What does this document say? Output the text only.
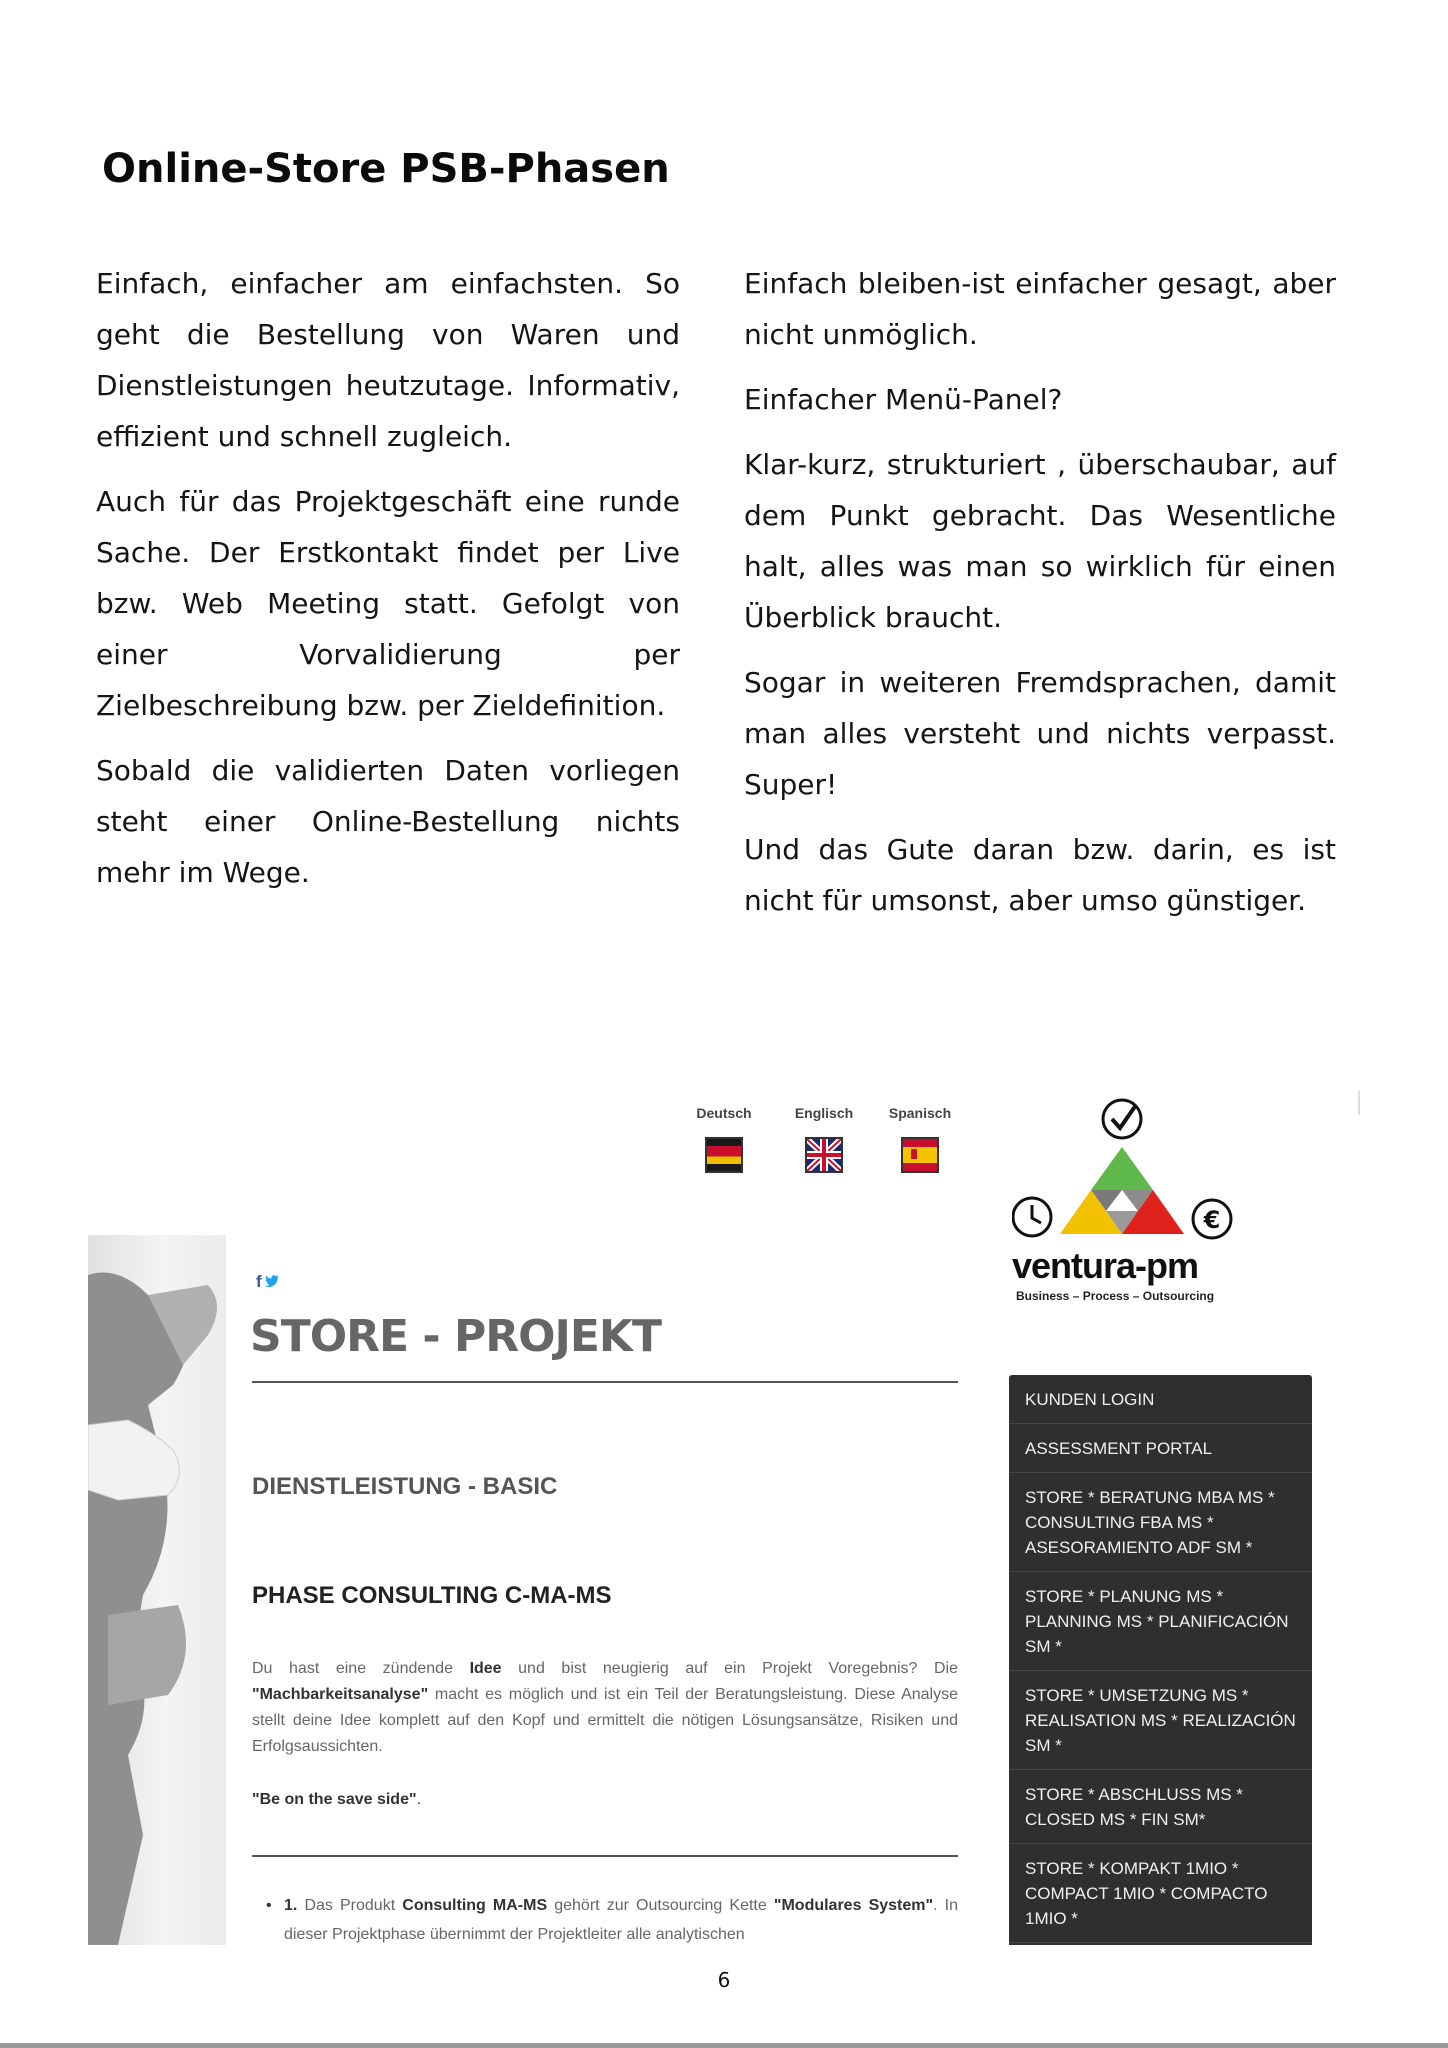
Online-Store PSB-Phasen

Einfach, einfacher am einfachsten. So geht die Bestellung von Waren und Dienstleistungen heutzutage. Informativ, effizient und schnell zugleich.

Auch für das Projektgeschäft eine runde Sache. Der Erstkontakt findet per Live bzw. Web Meeting statt. Gefolgt von einer Vorvalidierung per Zielbeschreibung bzw. per Zieldefinition.

Sobald die validierten Daten vorliegen steht einer Online-Bestellung nichts mehr im Wege.

Einfach bleiben-ist einfacher gesagt, aber nicht unmöglich.

Einfacher Menü-Panel?

Klar-kurz, strukturiert , überschaubar, auf dem Punkt gebracht. Das Wesentliche halt, alles was man so wirklich für einen Überblick braucht.

Sogar in weiteren Fremdsprachen, damit man alles versteht und nichts verpasst. Super!

Und das Gute daran bzw. darin, es ist nicht für umsonst, aber umso günstiger.

Deutsch	Englisch	Spanisch
€
ventura-pm
Business – Process – Outsourcing
f
STORE - PROJEKT
DIENSTLEISTUNG - BASIC
PHASE CONSULTING C-MA-MS
Du hast eine zündende Idee und bist neugierig auf ein Projekt Voregebnis? Die "Machbarkeitsanalyse" macht es möglich und ist ein Teil der Beratungsleistung. Diese Analyse stellt deine Idee komplett auf den Kopf und ermittelt die nötigen Lösungsansätze, Risiken und Erfolgsaussichten.
"Be on the save side".
• 1. Das Produkt Consulting MA-MS gehört zur Outsourcing Kette "Modulares System". In dieser Projektphase übernimmt der Projektleiter alle analytischen
KUNDEN LOGIN
ASSESSMENT PORTAL
STORE * BERATUNG MBA MS * CONSULTING FBA MS * ASESORAMIENTO ADF SM *
STORE * PLANUNG MS * PLANNING MS * PLANIFICACIÓN SM *
STORE * UMSETZUNG MS * REALISATION MS * REALIZACIÓN SM *
STORE * ABSCHLUSS MS * CLOSED MS * FIN SM*
STORE * KOMPAKT 1MIO * COMPACT 1MIO * COMPACTO 1MIO *
6
